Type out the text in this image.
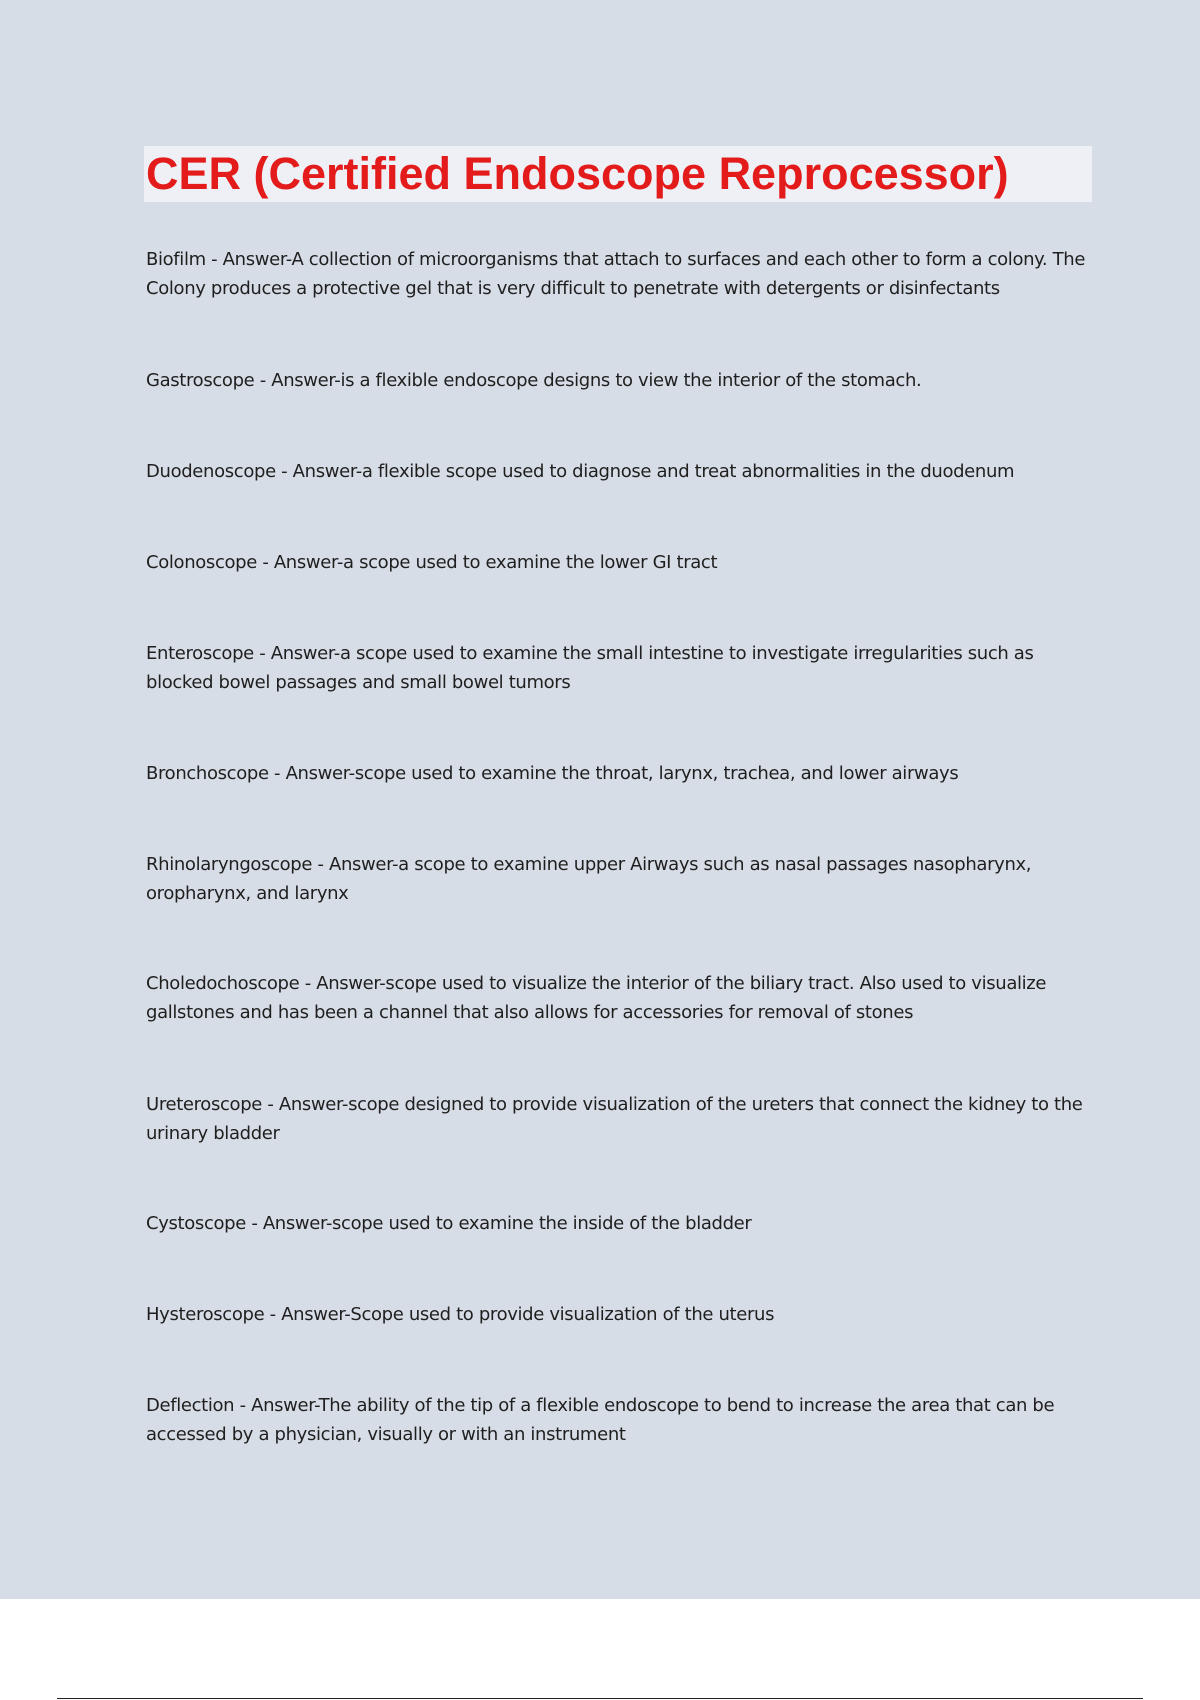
CER (Certified Endoscope Reprocessor)

Biofilm - Answer-A collection of microorganisms that attach to surfaces and each other to form a colony. The Colony produces a protective gel that is very difficult to penetrate with detergents or disinfectants

Gastroscope - Answer-is a flexible endoscope designs to view the interior of the stomach.

Duodenoscope - Answer-a flexible scope used to diagnose and treat abnormalities in the duodenum

Colonoscope - Answer-a scope used to examine the lower GI tract

Enteroscope - Answer-a scope used to examine the small intestine to investigate irregularities such as blocked bowel passages and small bowel tumors

Bronchoscope - Answer-scope used to examine the throat, larynx, trachea, and lower airways

Rhinolaryngoscope - Answer-a scope to examine upper Airways such as nasal passages nasopharynx, oropharynx, and larynx

Choledochoscope - Answer-scope used to visualize the interior of the biliary tract. Also used to visualize gallstones and has been a channel that also allows for accessories for removal of stones

Ureteroscope - Answer-scope designed to provide visualization of the ureters that connect the kidney to the urinary bladder

Cystoscope - Answer-scope used to examine the inside of the bladder

Hysteroscope - Answer-Scope used to provide visualization of the uterus

Deflection - Answer-The ability of the tip of a flexible endoscope to bend to increase the area that can be accessed by a physician, visually or with an instrument
